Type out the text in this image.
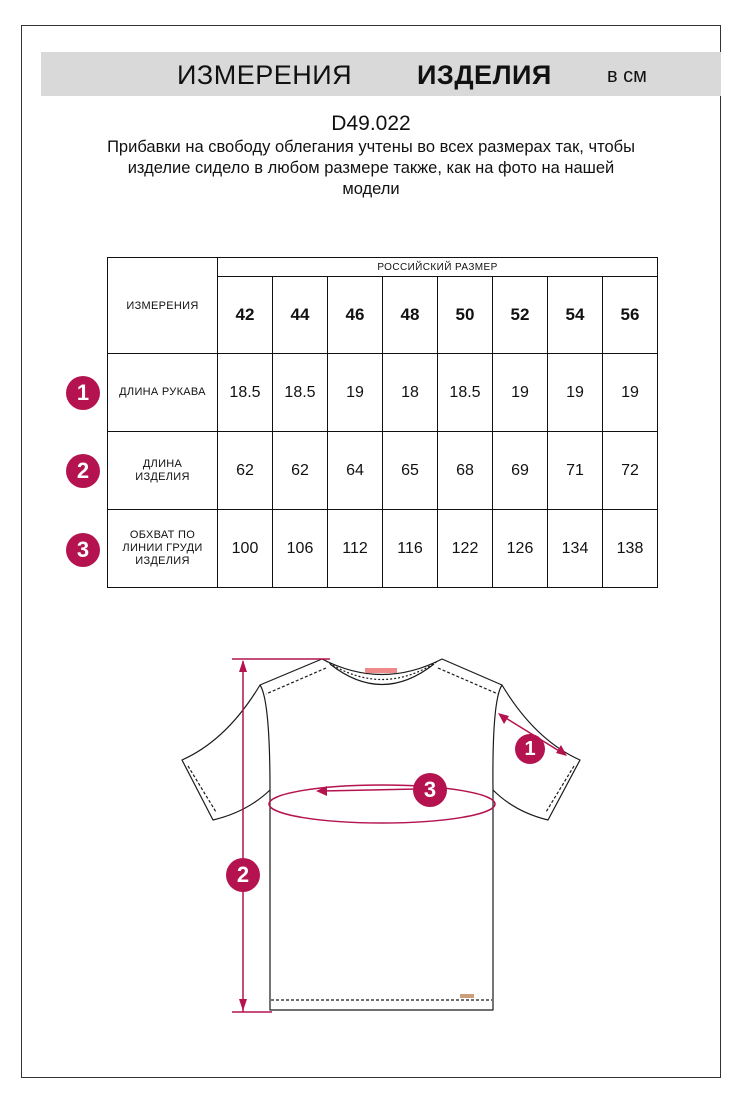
ИЗМЕРЕНИЯ ИЗДЕЛИЯ	в см
D49.022
Прибавки на свободу облегания учтены во всех размерах так, чтобы изделие сидело в любом размере также, как на фото на нашей модели
ИЗМЕРЕНИЯ	РОССИЙСКИЙ РАЗМЕР							
	42	44	46	48	50	52	54	56
ДЛИНА РУКАВА	18.5	18.5	19	18	18.5	19	19	19
ДЛИНА
ИЗДЕЛИЯ	62	62	64	65	68	69	71	72
ОБХВАТ ПО
ЛИНИИ ГРУДИ
ИЗДЕЛИЯ	100	106	112	116	122	126	134	138
1
2
3
2
3
1
